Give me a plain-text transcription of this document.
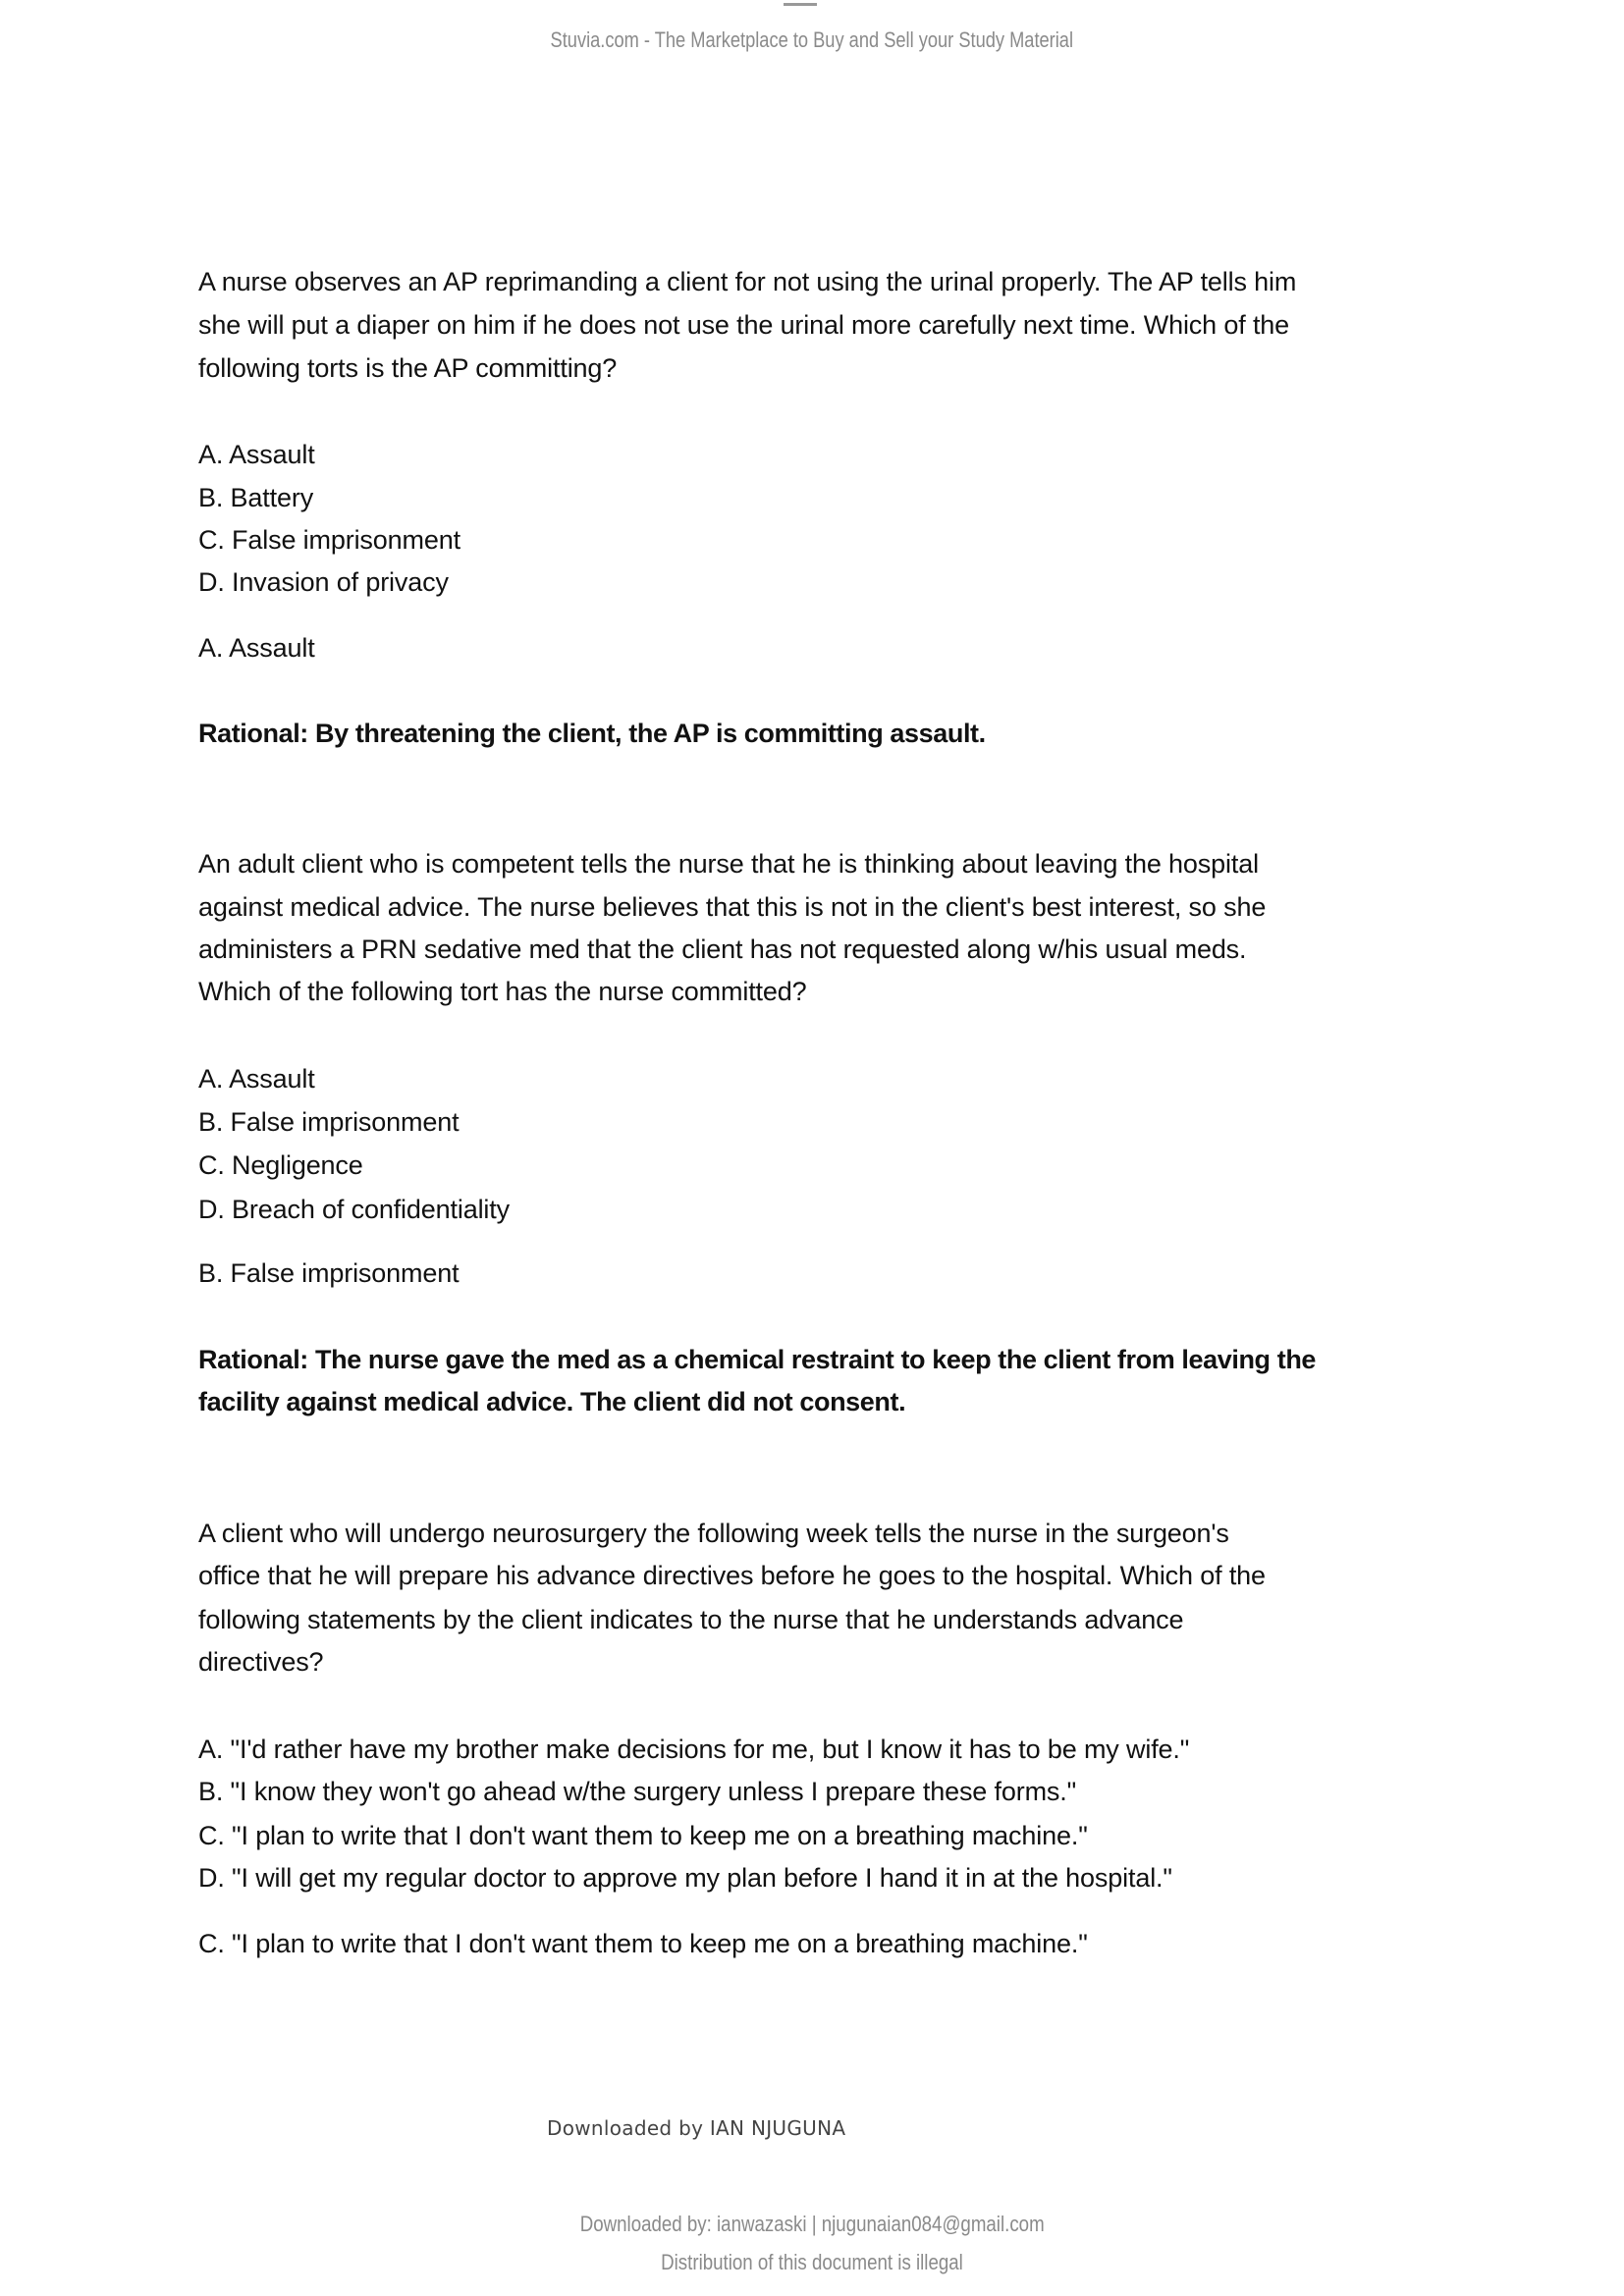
Stuvia.com - The Marketplace to Buy and Sell your Study Material
A nurse observes an AP reprimanding a client for not using the urinal properly. The AP tells him
she will put a diaper on him if he does not use the urinal more carefully next time. Which of the
following torts is the AP committing?
A. Assault
B. Battery
C. False imprisonment
D. Invasion of privacy
A. Assault
Rational: By threatening the client, the AP is committing assault.
An adult client who is competent tells the nurse that he is thinking about leaving the hospital
against medical advice. The nurse believes that this is not in the client's best interest, so she
administers a PRN sedative med that the client has not requested along w/his usual meds.
Which of the following tort has the nurse committed?
A. Assault
B. False imprisonment
C. Negligence
D. Breach of confidentiality
B. False imprisonment
Rational: The nurse gave the med as a chemical restraint to keep the client from leaving the
facility against medical advice. The client did not consent.
A client who will undergo neurosurgery the following week tells the nurse in the surgeon's
office that he will prepare his advance directives before he goes to the hospital. Which of the
following statements by the client indicates to the nurse that he understands advance
directives?
A. "I'd rather have my brother make decisions for me, but I know it has to be my wife."
B. "I know they won't go ahead w/the surgery unless I prepare these forms."
C. "I plan to write that I don't want them to keep me on a breathing machine."
D. "I will get my regular doctor to approve my plan before I hand it in at the hospital."
C. "I plan to write that I don't want them to keep me on a breathing machine."
Downloaded by IAN NJUGUNA
Downloaded by: ianwazaski | njugunaian084@gmail.com
Distribution of this document is illegal
